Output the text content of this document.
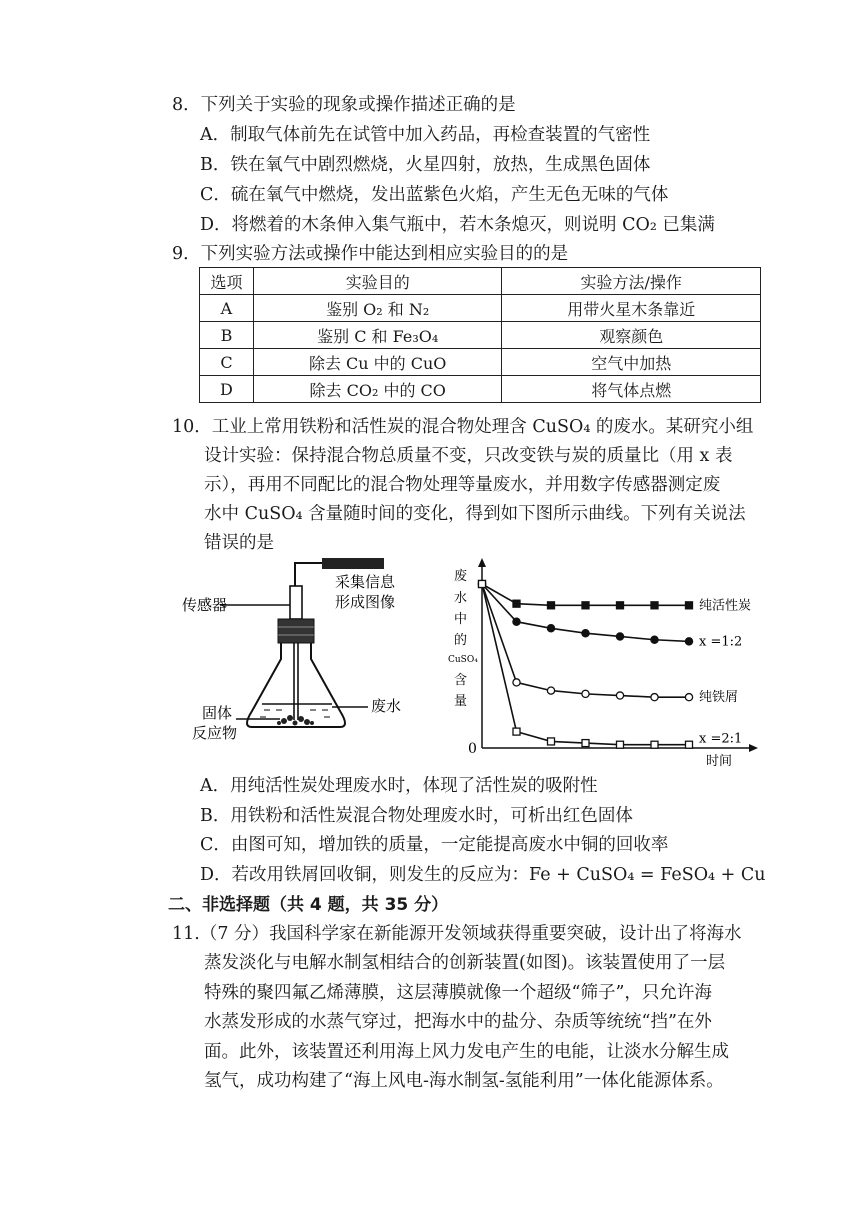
8．下列关于实验的现象或操作描述正确的是
A．制取气体前先在试管中加入药品，再检查装置的气密性
B．铁在氧气中剧烈燃烧，火星四射，放热，生成黑色固体
C．硫在氧气中燃烧，发出蓝紫色火焰，产生无色无味的气体
D．将燃着的木条伸入集气瓶中，若木条熄灭，则说明 CO₂ 已集满
9．下列实验方法或操作中能达到相应实验目的的是
选项	实验目的	实验方法/操作
A	鉴别 O₂ 和 N₂	用带火星木条靠近
B	鉴别 C 和 Fe₃O₄	观察颜色
C	除去 Cu 中的 CuO	空气中加热
D	除去 CO₂ 中的 CO	将气体点燃
10．工业上常用铁粉和活性炭的混合物处理含 CuSO₄ 的废水。某研究小组
设计实验：保持混合物总质量不变，只改变铁与炭的质量比（用 x 表
示），再用不同配比的混合物处理等量废水，并用数字传感器测定废
水中 CuSO₄ 含量随时间的变化，得到如下图所示曲线。下列有关说法
错误的是
传感器
采集信息
形成图像
固体
反应物
废水
废
水
中
的
CuSO₄
含
量
0
时间
纯活性炭
x =1:2
纯铁屑
x =2:1
A．用纯活性炭处理废水时，体现了活性炭的吸附性
B．用铁粉和活性炭混合物处理废水时，可析出红色固体
C．由图可知，增加铁的质量，一定能提高废水中铜的回收率
D．若改用铁屑回收铜，则发生的反应为：Fe + CuSO₄ = FeSO₄ + Cu
二、非选择题（共 4 题，共 35 分）
11.（7 分）我国科学家在新能源开发领域获得重要突破，设计出了将海水
蒸发淡化与电解水制氢相结合的创新装置(如图)。该装置使用了一层
特殊的聚四氟乙烯薄膜，这层薄膜就像一个超级“筛子”，只允许海
水蒸发形成的水蒸气穿过，把海水中的盐分、杂质等统统“挡”在外
面。此外，该装置还利用海上风力发电产生的电能，让淡水分解生成
氢气，成功构建了“海上风电-海水制氢-氢能利用”一体化能源体系。
